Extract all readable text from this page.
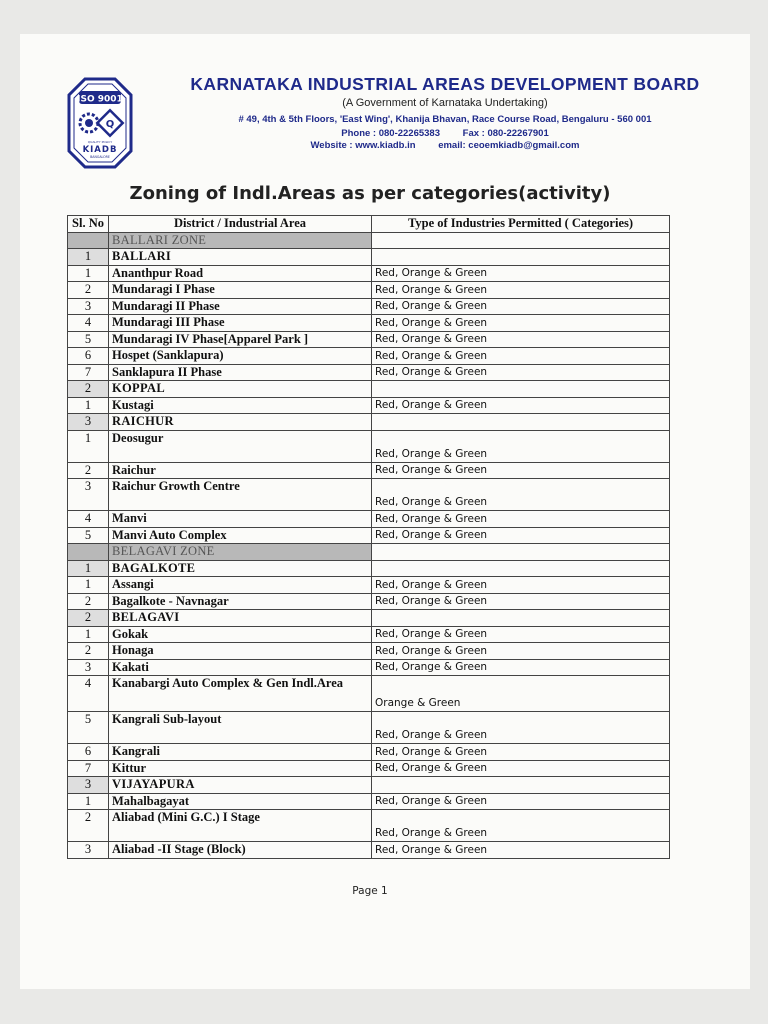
ISO 9001
Q
QUALITY POLICY
KIADB
BANGALORE
KARNATAKA INDUSTRIAL AREAS DEVELOPMENT BOARD
(A Government of Karnataka Undertaking)
# 49, 4th & 5th Floors, 'East Wing', Khanija Bhavan, Race Course Road, Bengaluru - 560 001
Phone : 080-22265383 Fax : 080-22267901
Website : www.kiadb.in email: ceoemkiadb@gmail.com
Zoning of Indl.Areas as per categories(activity)
Sl. No	District / Industrial Area	Type of Industries Permitted ( Categories)
	BALLARI ZONE	
1	BALLARI	
1	Ananthpur Road	Red, Orange & Green
2	Mundaragi I Phase	Red, Orange & Green
3	Mundaragi II Phase	Red, Orange & Green
4	Mundaragi III Phase	Red, Orange & Green
5	Mundaragi IV Phase[Apparel Park ]	Red, Orange & Green
6	Hospet (Sanklapura)	Red, Orange & Green
7	Sanklapura II Phase	Red, Orange & Green
2	KOPPAL	
1	Kustagi	Red, Orange & Green
3	RAICHUR	
1	Deosugur	Red, Orange & Green
2	Raichur	Red, Orange & Green
3	Raichur Growth Centre	Red, Orange & Green
4	Manvi	Red, Orange & Green
5	Manvi Auto Complex	Red, Orange & Green
	BELAGAVI ZONE	
1	BAGALKOTE	
1	Assangi	Red, Orange & Green
2	Bagalkote - Navnagar	Red, Orange & Green
2	BELAGAVI	
1	Gokak	Red, Orange & Green
2	Honaga	Red, Orange & Green
3	Kakati	Red, Orange & Green
4	Kanabargi Auto Complex & Gen Indl.Area	Orange & Green
5	Kangrali Sub-layout	Red, Orange & Green
6	Kangrali	Red, Orange & Green
7	Kittur	Red, Orange & Green
3	VIJAYAPURA	
1	Mahalbagayat	Red, Orange & Green
2	Aliabad (Mini G.C.) I Stage	Red, Orange & Green
3	Aliabad -II Stage (Block)	Red, Orange & Green
Page 1
